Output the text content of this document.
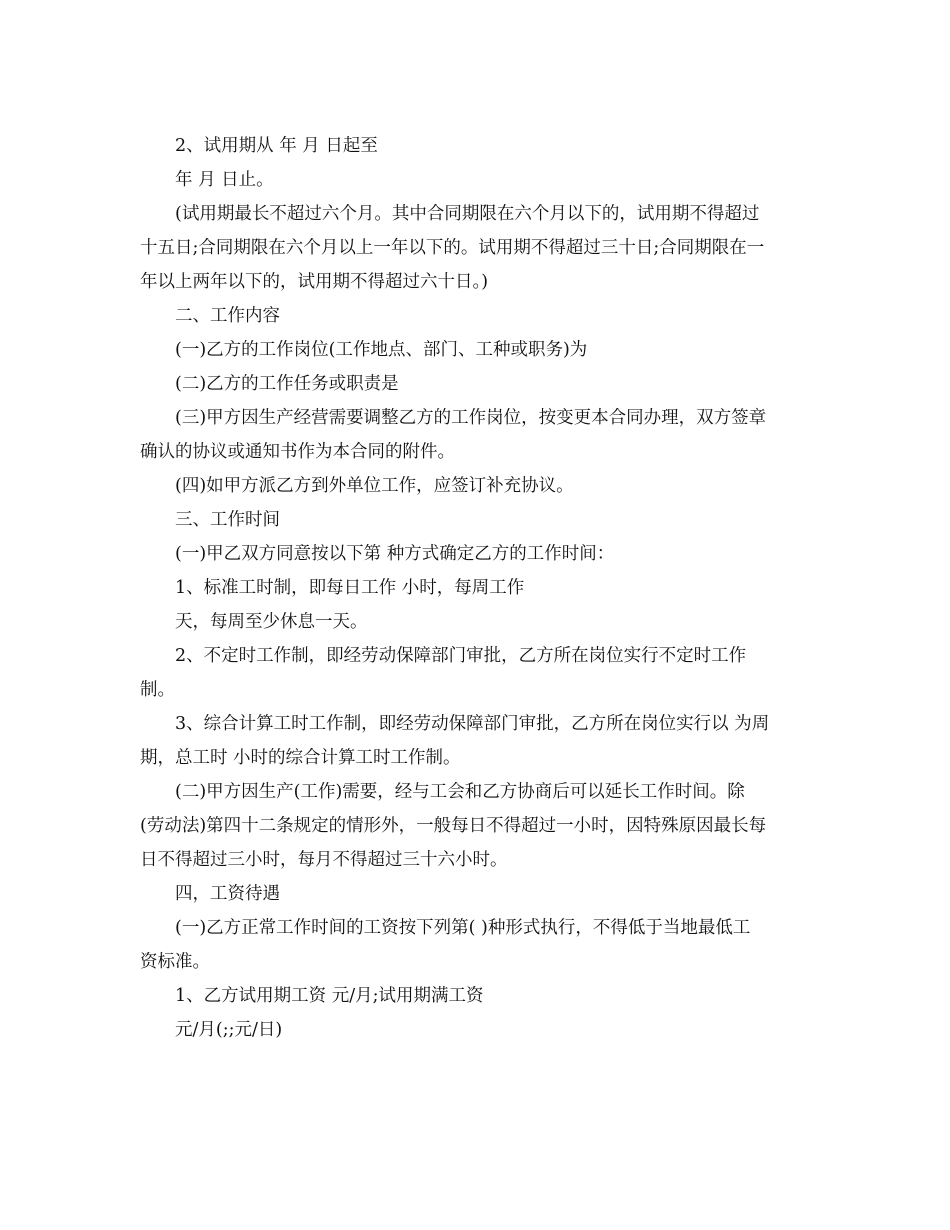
2、试用期从 年 月 日起至

年 月 日止。

(试用期最长不超过六个月。其中合同期限在六个月以下的，试用期不得超过

十五日;合同期限在六个月以上一年以下的。试用期不得超过三十日;合同期限在一

年以上两年以下的，试用期不得超过六十日。)

二、工作内容

(一)乙方的工作岗位(工作地点、部门、工种或职务)为

(二)乙方的工作任务或职责是

(三)甲方因生产经营需要调整乙方的工作岗位，按变更本合同办理，双方签章

确认的协议或通知书作为本合同的附件。

(四)如甲方派乙方到外单位工作，应签订补充协议。

三、工作时间

(一)甲乙双方同意按以下第 种方式确定乙方的工作时间：

1、标准工时制，即每日工作 小时，每周工作

天，每周至少休息一天。

2、不定时工作制，即经劳动保障部门审批，乙方所在岗位实行不定时工作

制。

3、综合计算工时工作制，即经劳动保障部门审批，乙方所在岗位实行以 为周

期，总工时 小时的综合计算工时工作制。

(二)甲方因生产(工作)需要，经与工会和乙方协商后可以延长工作时间。除

(劳动法)第四十二条规定的情形外，一般每日不得超过一小时，因特殊原因最长每

日不得超过三小时，每月不得超过三十六小时。

四，工资待遇

(一)乙方正常工作时间的工资按下列第( )种形式执行，不得低于当地最低工

资标准。

1、乙方试用期工资 元/月;试用期满工资

元/月(;;元/日)
